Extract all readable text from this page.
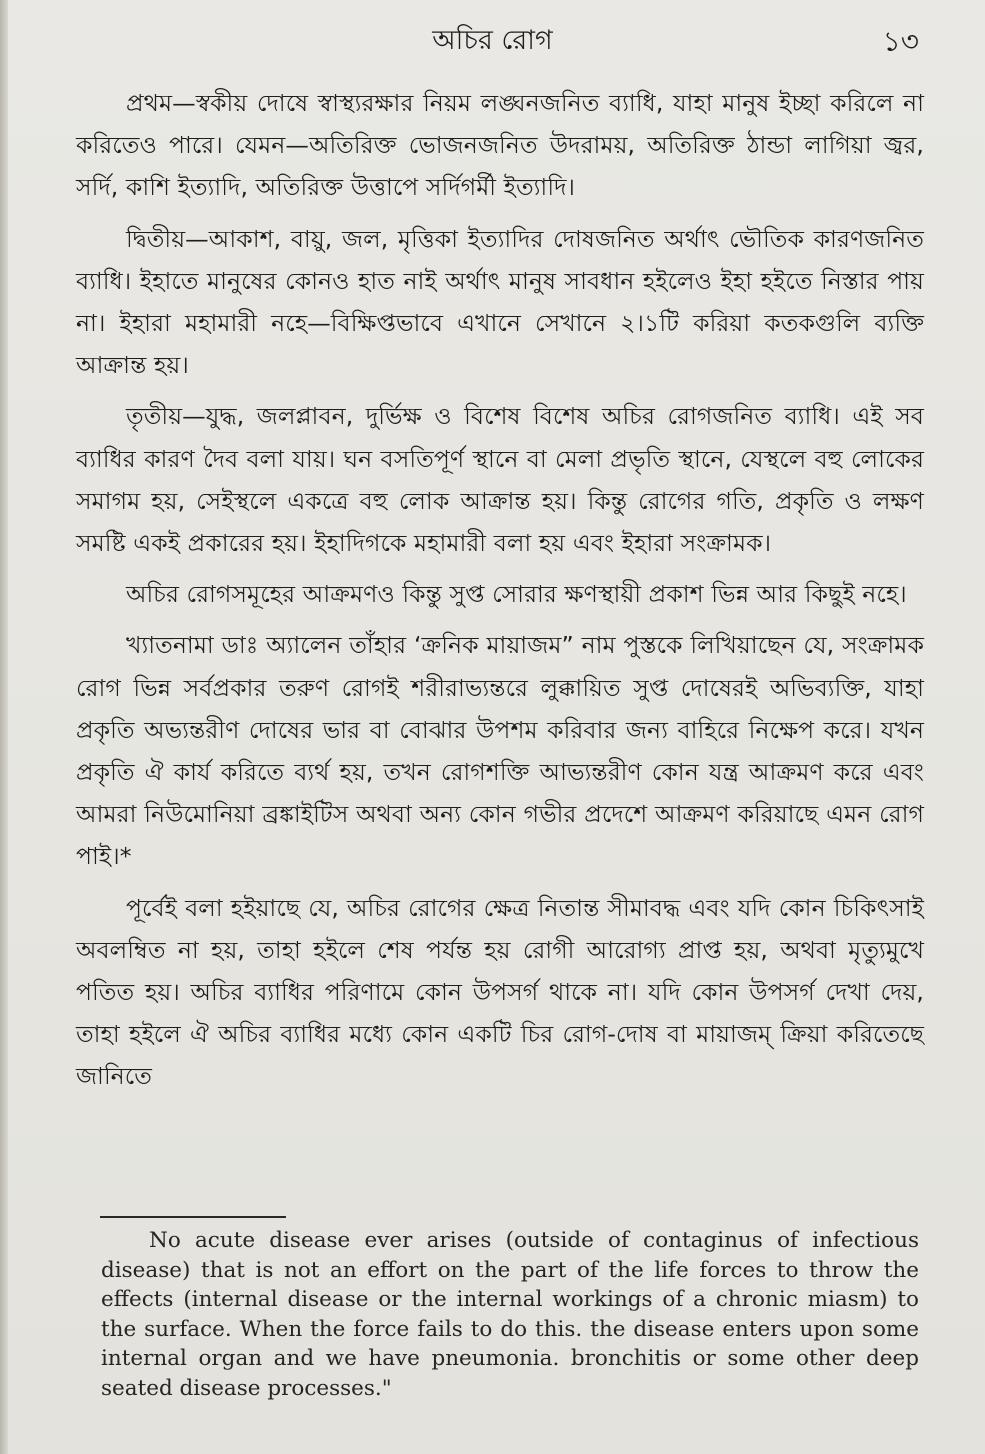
অচির রোগ	১৩

প্রথম—স্বকীয় দোষে স্বাস্থ্যরক্ষার নিয়ম লঙ্ঘনজনিত ব্যাধি, যাহা মানুষ ইচ্ছা করিলে না করিতেও পারে। যেমন—অতিরিক্ত ভোজনজনিত উদরাময়, অতিরিক্ত ঠান্ডা লাগিয়া জ্বর, সর্দি, কাশি ইত্যাদি, অতিরিক্ত উত্তাপে সর্দিগর্মী ইত্যাদি।

দ্বিতীয়—আকাশ, বায়ু, জল, মৃত্তিকা ইত্যাদির দোষজনিত অর্থাৎ ভৌতিক কারণজনিত ব্যাধি। ইহাতে মানুষের কোনও হাত নাই অর্থাৎ মানুষ সাবধান হইলেও ইহা হইতে নিস্তার পায় না। ইহারা মহামারী নহে—বিক্ষিপ্তভাবে এখানে সেখানে ২।১টি করিয়া কতকগুলি ব্যক্তি আক্রান্ত হয়।

তৃতীয়—যুদ্ধ, জলপ্লাবন, দুর্ভিক্ষ ও বিশেষ বিশেষ অচির রোগজনিত ব্যাধি। এই সব ব্যাধির কারণ দৈব বলা যায়। ঘন বসতিপূর্ণ স্থানে বা মেলা প্রভৃতি স্থানে, যেস্থলে বহু লোকের সমাগম হয়, সেইস্থলে একত্রে বহু লোক আক্রান্ত হয়। কিন্তু রোগের গতি, প্রকৃতি ও লক্ষণ সমষ্টি একই প্রকারের হয়। ইহাদিগকে মহামারী বলা হয় এবং ইহারা সংক্রামক।

অচির রোগসমূহের আক্রমণও কিন্তু সুপ্ত সোরার ক্ষণস্থায়ী প্রকাশ ভিন্ন আর কিছুই নহে।

খ্যাতনামা ডাঃ অ্যালেন তাঁহার ‘ক্রনিক মায়াজম” নাম পুস্তকে লিখিয়াছেন যে, সংক্রামক রোগ ভিন্ন সর্বপ্রকার তরুণ রোগই শরীরাভ্যন্তরে লুক্কায়িত সুপ্ত দোষেরই অভিব্যক্তি, যাহা প্রকৃতি অভ্যন্তরীণ দোষের ভার বা বোঝার উপশম করিবার জন্য বাহিরে নিক্ষেপ করে। যখন প্রকৃতি ঐ কার্য করিতে ব্যর্থ হয়, তখন রোগশক্তি আভ্যন্তরীণ কোন যন্ত্র আক্রমণ করে এবং আমরা নিউমোনিয়া ব্রঙ্কাইটিস অথবা অন্য কোন গভীর প্রদেশে আক্রমণ করিয়াছে এমন রোগ পাই।*

পূর্বেই বলা হইয়াছে যে, অচির রোগের ক্ষেত্র নিতান্ত সীমাবদ্ধ এবং যদি কোন চিকিৎসাই অবলম্বিত না হয়, তাহা হইলে শেষ পর্যন্ত হয় রোগী আরোগ্য প্রাপ্ত হয়, অথবা মৃত্যুমুখে পতিত হয়। অচির ব্যাধির পরিণামে কোন উপসর্গ থাকে না। যদি কোন উপসর্গ দেখা দেয়, তাহা হইলে ঐ অচির ব্যাধির মধ্যে কোন একটি চির রোগ-দোষ বা মায়াজম্ ক্রিয়া করিতেছে জানিতে

No acute disease ever arises (outside of contaginus of infectious disease) that is not an effort on the part of the life forces to throw the effects (internal disease or the internal workings of a chronic miasm) to the surface. When the force fails to do this. the disease enters upon some internal organ and we have pneumonia. bronchitis or some other deep seated disease processes."
